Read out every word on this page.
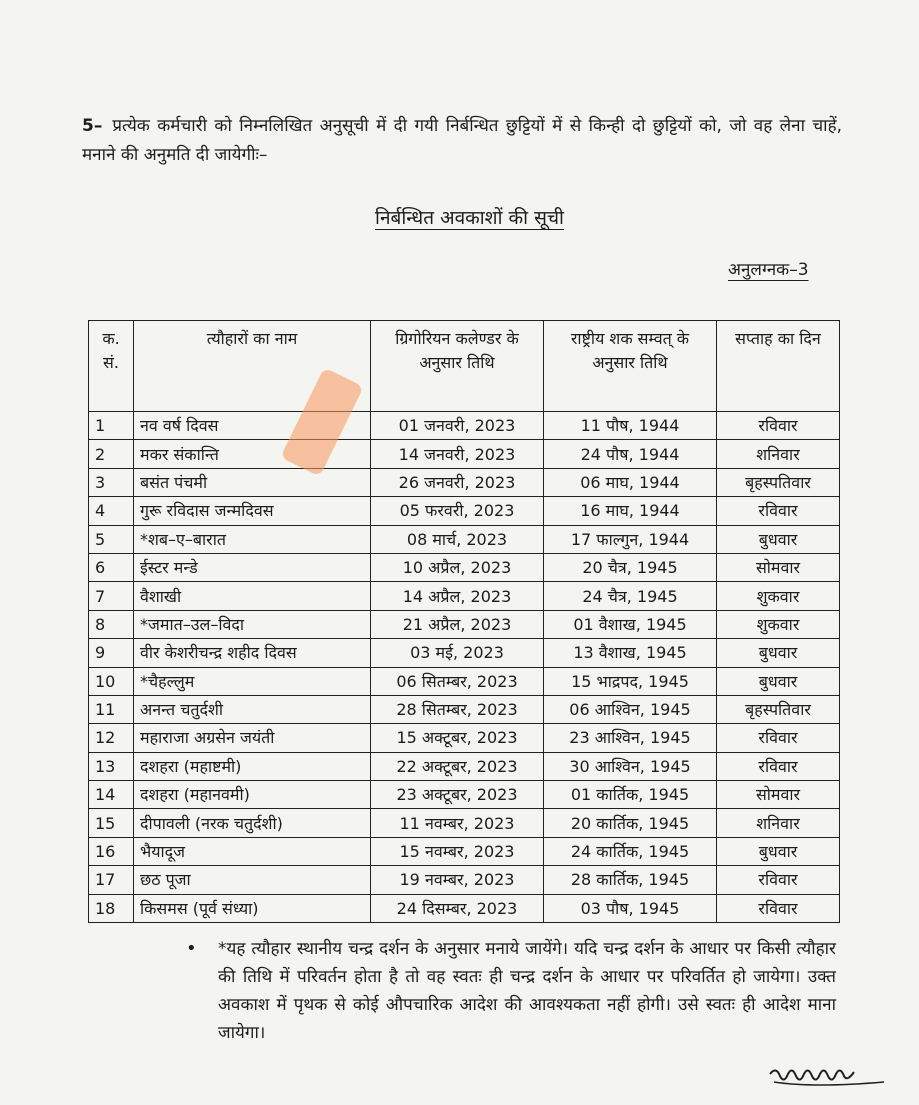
5– प्रत्येक कर्मचारी को निम्नलिखित अनुसूची में दी गयी निर्बन्धित छुट्टियों में से किन्ही दो छुट्टियों को, जो वह लेना चाहें, मनाने की अनुमति दी जायेगीः–
निर्बन्धित अवकाशों की सूची
अनुलग्नक–3
क. सं.	त्यौहारों का नाम	ग्रिगोरियन कलेण्डर के अनुसार तिथि	राष्ट्रीय शक सम्वत् के अनुसार तिथि	सप्ताह का दिन
1	नव वर्ष दिवस	01 जनवरी, 2023	11 पौष, 1944	रविवार
2	मकर संकान्ति	14 जनवरी, 2023	24 पौष, 1944	शनिवार
3	बसंत पंचमी	26 जनवरी, 2023	06 माघ, 1944	बृहस्पतिवार
4	गुरू रविदास जन्मदिवस	05 फरवरी, 2023	16 माघ, 1944	रविवार
5	*शब–ए–बारात	08 मार्च, 2023	17 फाल्गुन, 1944	बुधवार
6	ईस्टर मन्डे	10 अप्रैल, 2023	20 चैत्र, 1945	सोमवार
7	वैशाखी	14 अप्रैल, 2023	24 चैत्र, 1945	शुकवार
8	*जमात–उल–विदा	21 अप्रैल, 2023	01 वैशाख, 1945	शुकवार
9	वीर केशरीचन्द्र शहीद दिवस	03 मई, 2023	13 वैशाख, 1945	बुधवार
10	*चैहल्लुम	06 सितम्बर, 2023	15 भाद्रपद, 1945	बुधवार
11	अनन्त चतुर्दशी	28 सितम्बर, 2023	06 आश्विन, 1945	बृहस्पतिवार
12	महाराजा अग्रसेन जयंती	15 अक्टूबर, 2023	23 आश्विन, 1945	रविवार
13	दशहरा (महाष्टमी)	22 अक्टूबर, 2023	30 आश्विन, 1945	रविवार
14	दशहरा (महानवमी)	23 अक्टूबर, 2023	01 कार्तिक, 1945	सोमवार
15	दीपावली (नरक चतुर्दशी)	11 नवम्बर, 2023	20 कार्तिक, 1945	शनिवार
16	भैयादूज	15 नवम्बर, 2023	24 कार्तिक, 1945	बुधवार
17	छठ पूजा	19 नवम्बर, 2023	28 कार्तिक, 1945	रविवार
18	किसमस (पूर्व संध्या)	24 दिसम्बर, 2023	03 पौष, 1945	रविवार
• *यह त्यौहार स्थानीय चन्द्र दर्शन के अनुसार मनाये जायेंगे। यदि चन्द्र दर्शन के आधार पर किसी त्यौहार की तिथि में परिवर्तन होता है तो वह स्वतः ही चन्द्र दर्शन के आधार पर परिवर्तित हो जायेगा। उक्त अवकाश में पृथक से कोई औपचारिक आदेश की आवश्यकता नहीं होगी। उसे स्वतः ही आदेश माना जायेगा।
